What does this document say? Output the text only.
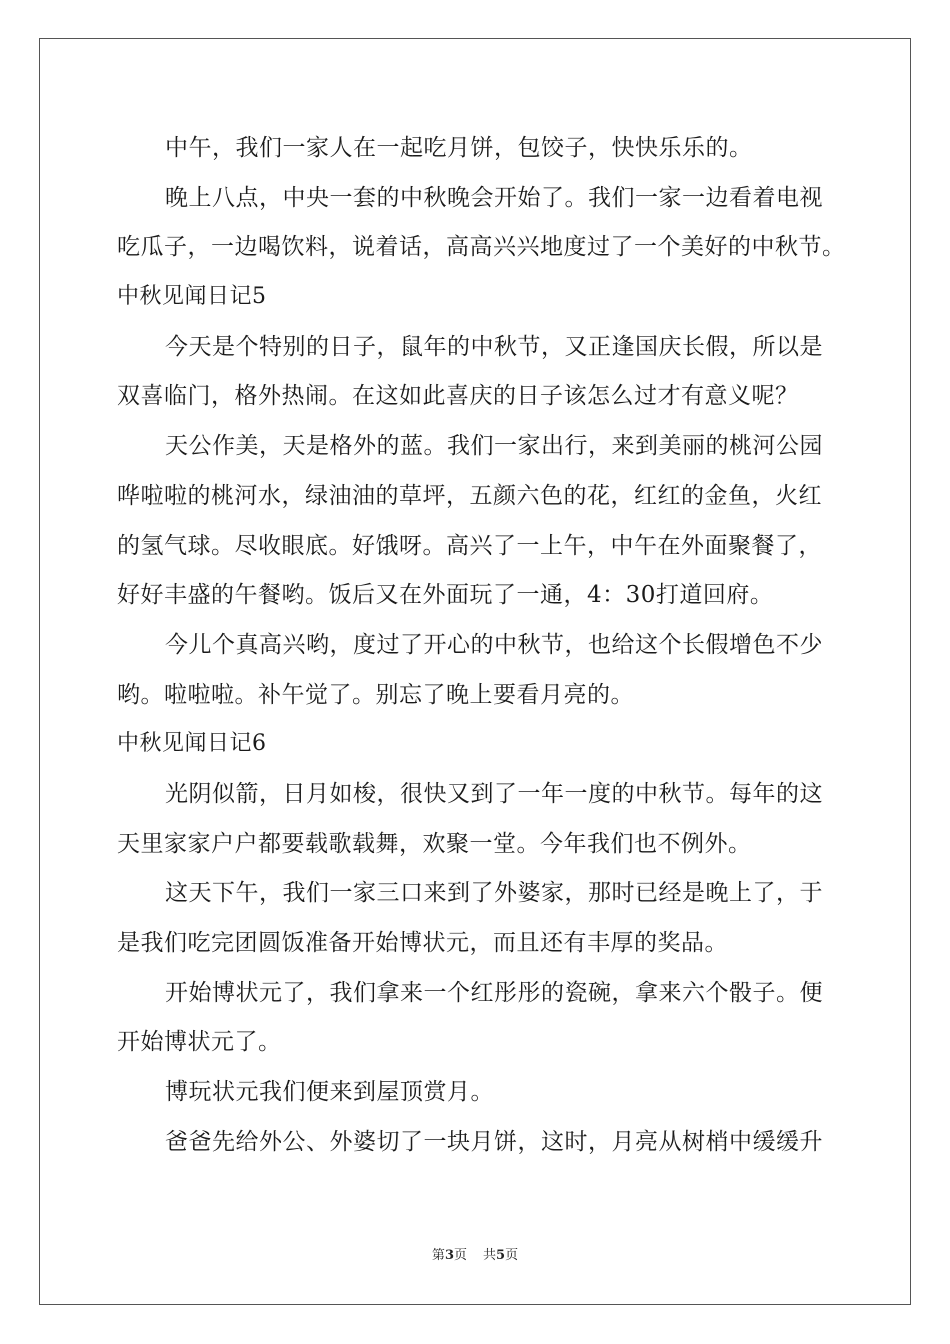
中午，我们一家人在一起吃月饼，包饺子，快快乐乐的。
晚上八点，中央一套的中秋晚会开始了。我们一家一边看着电视
吃瓜子，一边喝饮料，说着话，高高兴兴地度过了一个美好的中秋节。
中秋见闻日记5
今天是个特别的日子，鼠年的中秋节，又正逢国庆长假，所以是
双喜临门，格外热闹。在这如此喜庆的日子该怎么过才有意义呢？
天公作美，天是格外的蓝。我们一家出行，来到美丽的桃河公园
哗啦啦的桃河水，绿油油的草坪，五颜六色的花，红红的金鱼，火红
的氢气球。尽收眼底。好饿呀。高兴了一上午，中午在外面聚餐了，
好好丰盛的午餐哟。饭后又在外面玩了一通，4：30打道回府。
今儿个真高兴哟，度过了开心的中秋节，也给这个长假增色不少
哟。啦啦啦。补午觉了。别忘了晚上要看月亮的。
中秋见闻日记6
光阴似箭，日月如梭，很快又到了一年一度的中秋节。每年的这
天里家家户户都要载歌载舞，欢聚一堂。今年我们也不例外。
这天下午，我们一家三口来到了外婆家，那时已经是晚上了，于
是我们吃完团圆饭准备开始博状元，而且还有丰厚的奖品。
开始博状元了，我们拿来一个红彤彤的瓷碗，拿来六个骰子。便
开始博状元了。
博玩状元我们便来到屋顶赏月。
爸爸先给外公、外婆切了一块月饼，这时，月亮从树梢中缓缓升
第3页 共5页
